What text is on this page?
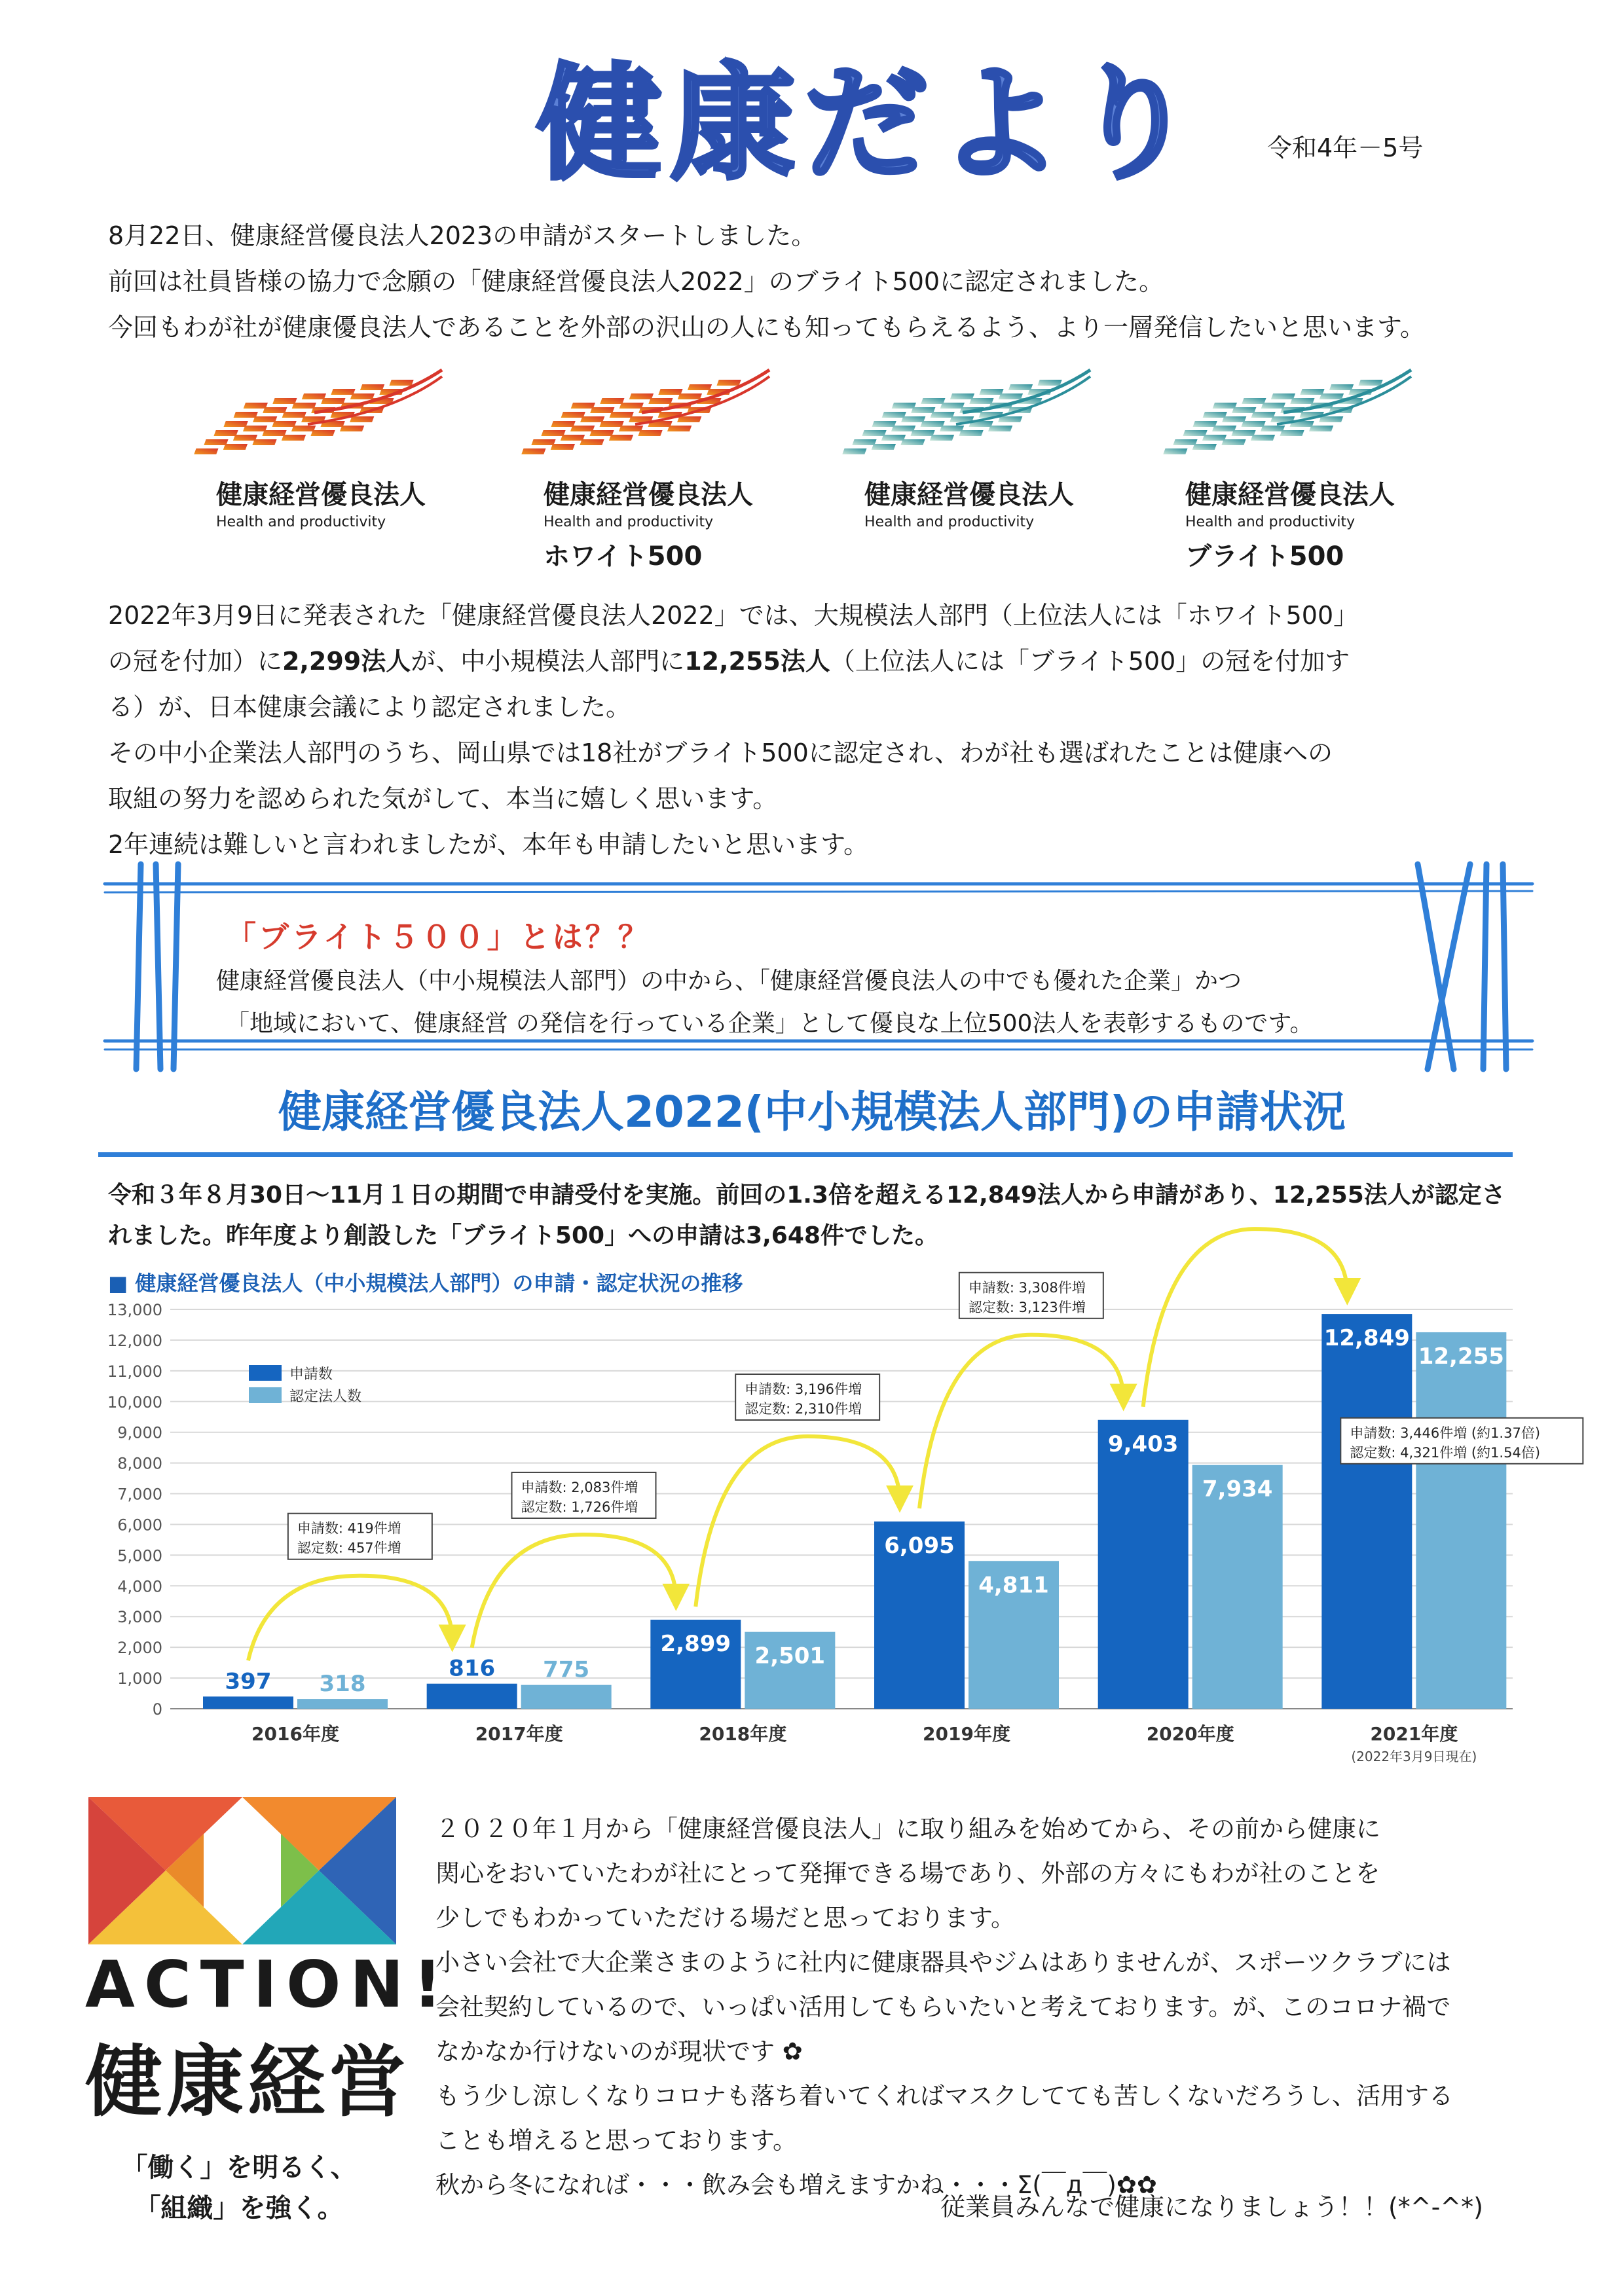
健康だより 令和4年－5号
8月22日、健康経営優良法人2023の申請がスタートしました。
前回は社員皆様の協力で念願の「健康経営優良法人2022」のブライト500に認定されました。
今回もわが社が健康優良法人であることを外部の沢山の人にも知ってもらえるよう、より一層発信したいと思います。
健康経営優良法人
Health and productivity
健康経営優良法人
Health and productivity
ホワイト500
健康経営優良法人
Health and productivity
健康経営優良法人
Health and productivity
ブライト500
2022年3月9日に発表された「健康経営優良法人2022」では、大規模法人部門（上位法人には「ホワイト500」
の冠を付加）に2,299法人が、中小規模法人部門に12,255法人（上位法人には「ブライト500」の冠を付加す
る）が、日本健康会議により認定されました。
その中小企業法人部門のうち、岡山県では18社がブライト500に認定され、わが社も選ばれたことは健康への
取組の努力を認められた気がして、本当に嬉しく思います。
2年連続は難しいと言われましたが、本年も申請したいと思います。
「ブライト５００」とは？？
健康経営優良法人（中小規模法人部門）の中から、「健康経営優良法人の中でも優れた企業」かつ
「地域において、健康経営 の発信を行っている企業」として優良な上位500法人を表彰するものです。
健康経営優良法人2022(中小規模法人部門)の申請状況
令和３年８月30日～11月１日の期間で申請受付を実施。前回の1.3倍を超える12,849法人から申請があり、12,255法人が認定さ
れました。昨年度より創設した「ブライト500」への申請は3,648件でした。
■ 健康経営優良法人（中小規模法人部門）の申請・認定状況の推移
0
1,000
2,000
3,000
4,000
5,000
6,000
7,000
8,000
9,000
10,000
11,000
12,000
13,000
397 318
2016年度
816 775
2017年度
2,899 2,501
2018年度
6,095
4,811
2019年度
9,403
7,934
2020年度
12,849
12,255
2021年度
(2022年3月9日現在)
申請数
認定法人数
申請数: 419件増
認定数: 457件増
申請数: 2,083件増
認定数: 1,726件増
申請数: 3,196件増
認定数: 2,310件増
申請数: 3,308件増
認定数: 3,123件増
申請数: 3,446件増 (約1.37倍)
認定数: 4,321件増 (約1.54倍)
ACTION!
健康経営
「働く」を明るく、
「組織」を強く。
２０２０年１月から「健康経営優良法人」に取り組みを始めてから、その前から健康に
関心をおいていたわが社にとって発揮できる場であり、外部の方々にもわが社のことを
少しでもわかっていただける場だと思っております。
小さい会社で大企業さまのように社内に健康器具やジムはありませんが、スポーツクラブには
会社契約しているので、いっぱい活用してもらいたいと考えております。が、このコロナ禍で
なかなか行けないのが現状です ✿
もう少し涼しくなりコロナも落ち着いてくればマスクしてても苦しくないだろうし、活用する
ことも増えると思っております。
秋から冬になれば・・・飲み会も増えますかね・・・Σ(￣д￣)✿✿
従業員みんなで健康になりましょう！！(*^-^*)
